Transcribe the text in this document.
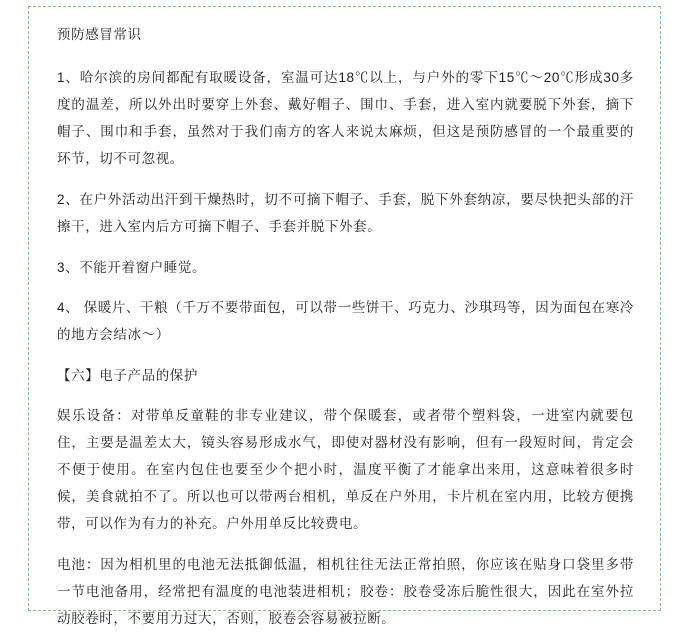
预防感冒常识

1、哈尔滨的房间都配有取暖设备，室温可达18℃以上，与户外的零下15℃～20℃形成30多度的温差，所以外出时要穿上外套、戴好帽子、围巾、手套，进入室内就要脱下外套，摘下帽子、围巾和手套，虽然对于我们南方的客人来说太麻烦，但这是预防感冒的一个最重要的环节，切不可忽视。

2、在户外活动出汗到干燥热时，切不可摘下帽子、手套，脱下外套纳凉，要尽快把头部的汗擦干，进入室内后方可摘下帽子、手套并脱下外套。

3、不能开着窗户睡觉。

4、 保暖片、干粮（千万不要带面包，可以带一些饼干、巧克力、沙琪玛等，因为面包在寒冷的地方会结冰～）

【六】电子产品的保护

娱乐设备：对带单反童鞋的非专业建议，带个保暖套，或者带个塑料袋，一进室内就要包住，主要是温差太大，镜头容易形成水气，即使对器材没有影响，但有一段短时间，肯定会不便于使用。在室内包住也要至少个把小时，温度平衡了才能拿出来用，这意味着很多时候，美食就拍不了。所以也可以带两台相机，单反在户外用，卡片机在室内用，比较方便携带，可以作为有力的补充。户外用单反比较费电。

电池：因为相机里的电池无法抵御低温，相机往往无法正常拍照，你应该在贴身口袋里多带一节电池备用，经常把有温度的电池装进相机；胶卷：胶卷受冻后脆性很大，因此在室外拉动胶卷时，不要用力过大，否则，胶卷会容易被拉断。
